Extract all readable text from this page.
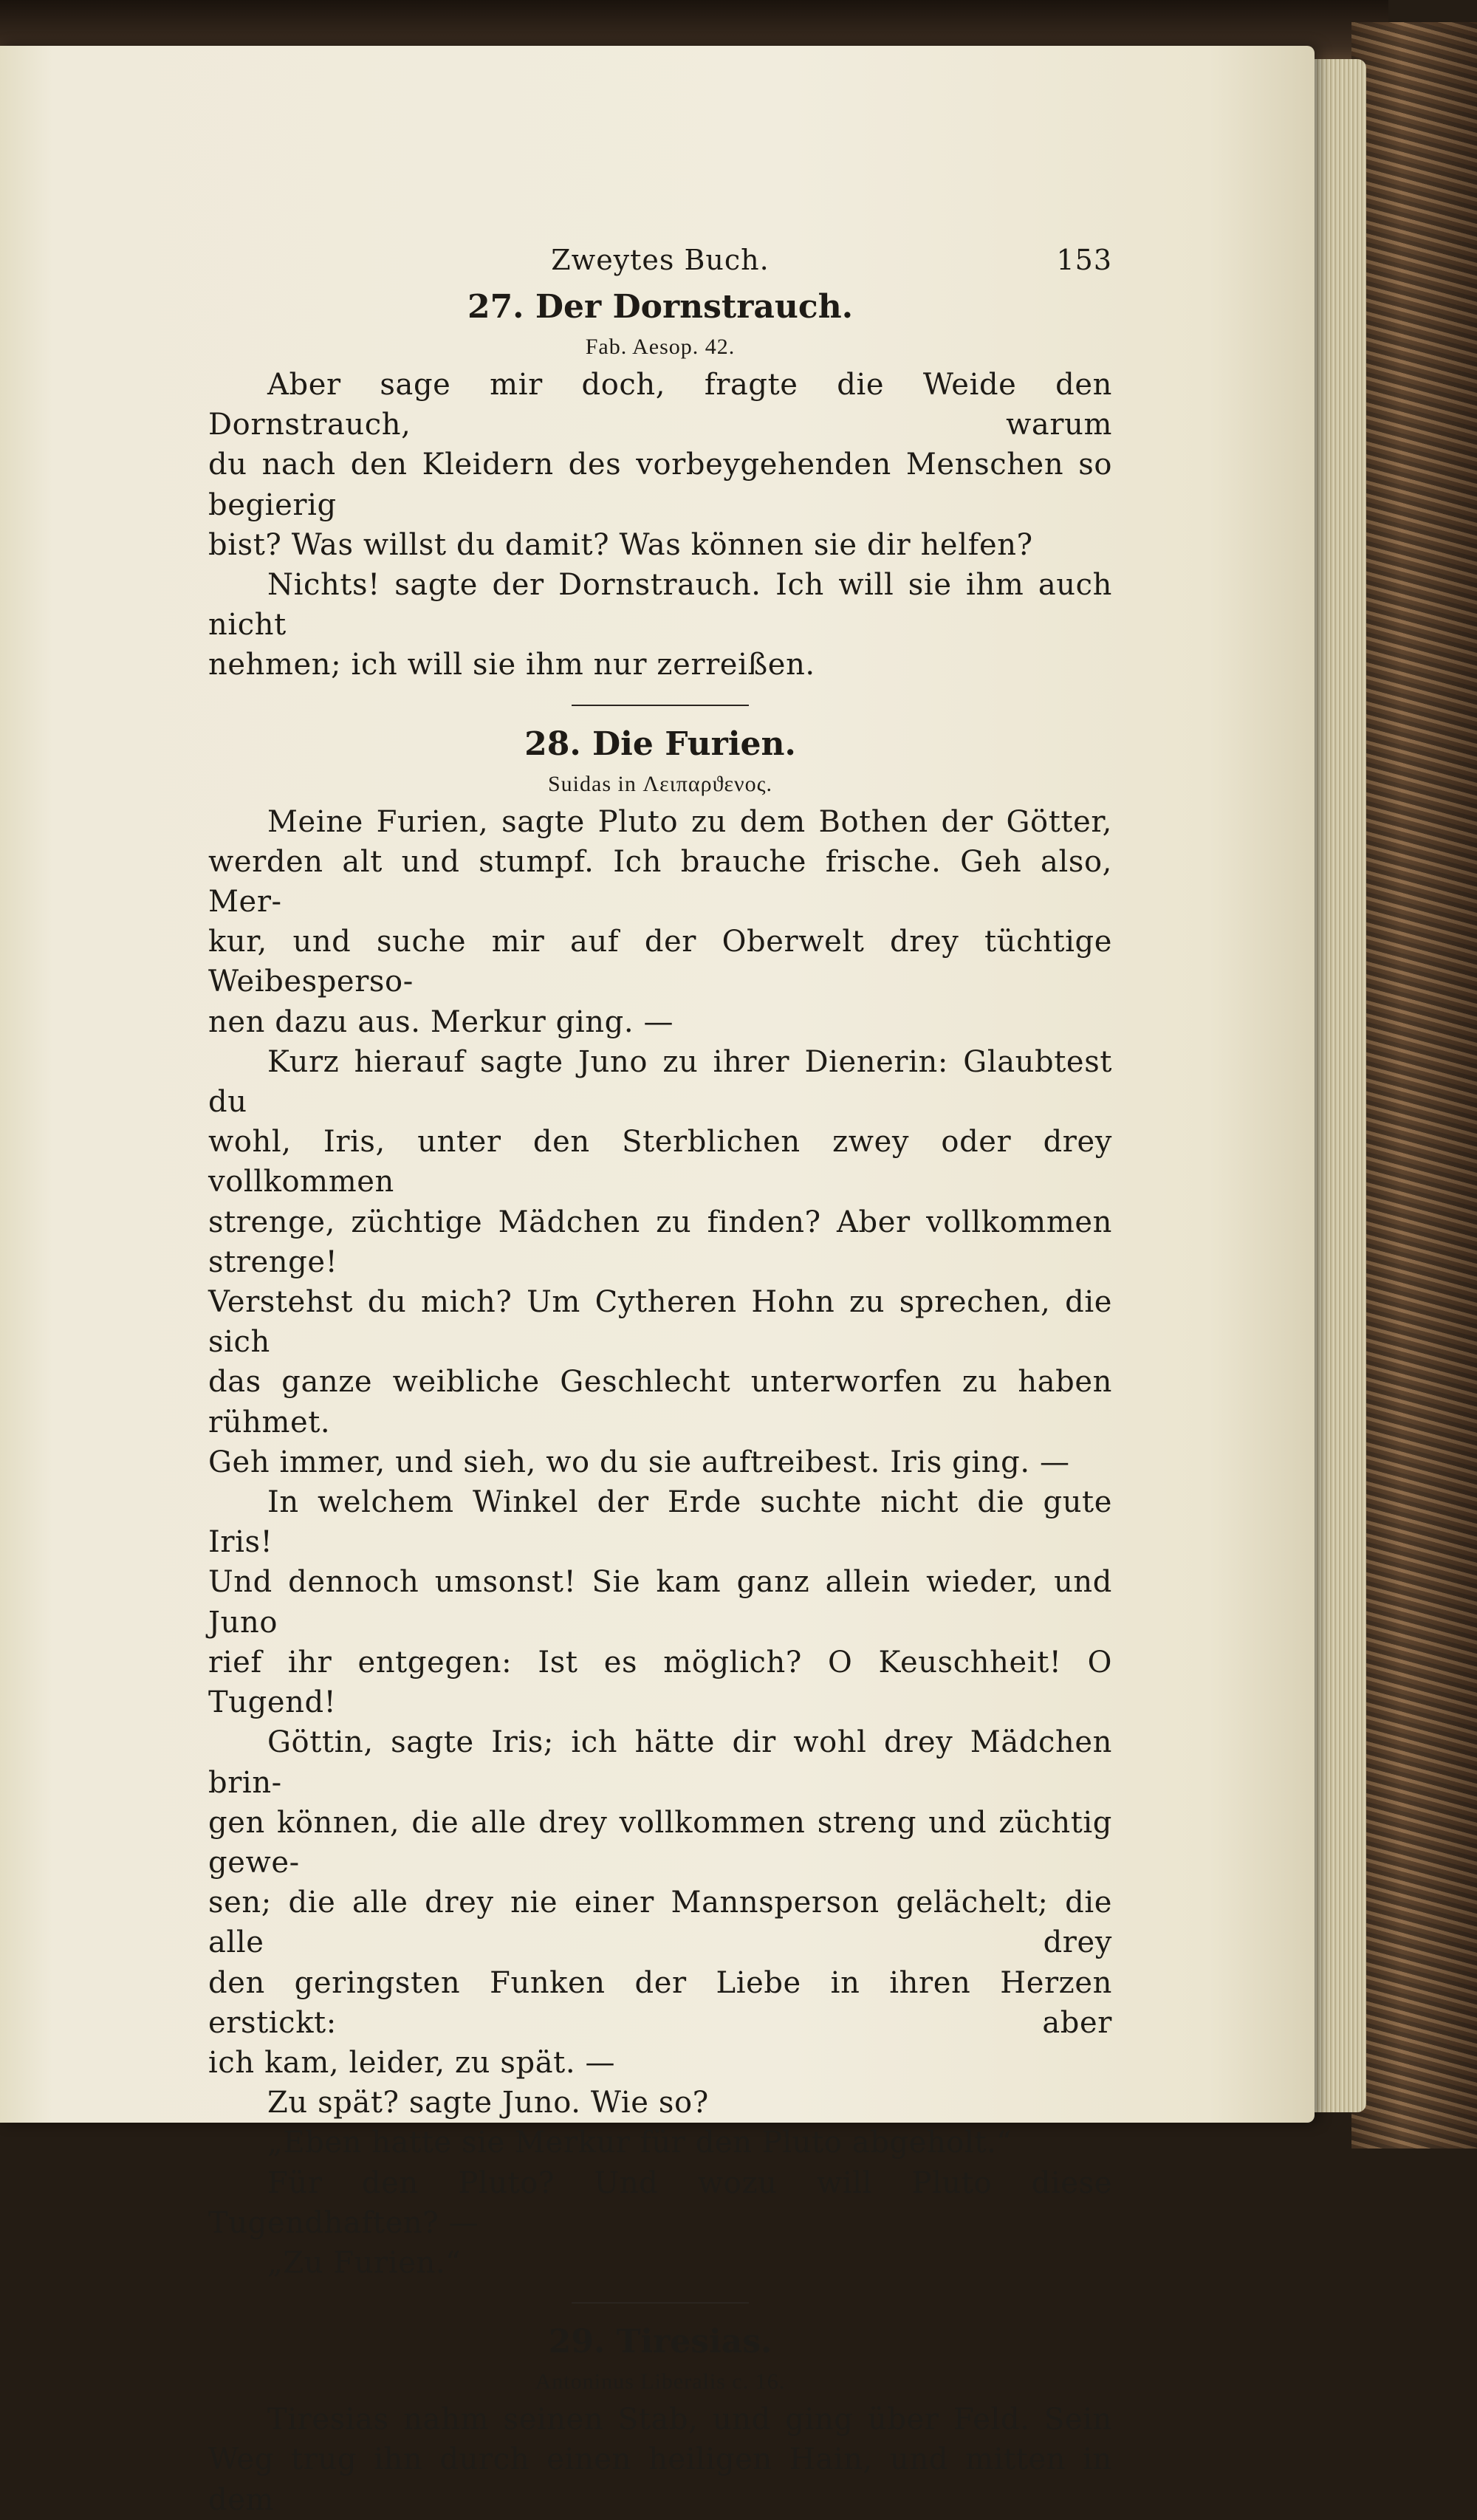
Zweytes Buch.	153
27. Der Dornstrauch.

Fab. Aesop. 42.

Aber sage mir doch, fragte die Weide den Dornstrauch, warum
du nach den Kleidern des vorbeygehenden Menschen so begierig
bist? Was willst du damit? Was können sie dir helfen?

Nichts! sagte der Dornstrauch. Ich will sie ihm auch nicht
nehmen; ich will sie ihm nur zerreißen.

28. Die Furien.

Suidas in Λειπαρϑενος.

Meine Furien, sagte Pluto zu dem Bothen der Götter,
werden alt und stumpf. Ich brauche frische. Geh also, Mer-
kur, und suche mir auf der Oberwelt drey tüchtige Weibesperso-
nen dazu aus. Merkur ging. —

Kurz hierauf sagte Juno zu ihrer Dienerin: Glaubtest du
wohl, Iris, unter den Sterblichen zwey oder drey vollkommen
strenge, züchtige Mädchen zu finden? Aber vollkommen strenge!
Verstehst du mich? Um Cytheren Hohn zu sprechen, die sich
das ganze weibliche Geschlecht unterworfen zu haben rühmet.
Geh immer, und sieh, wo du sie auftreibest. Iris ging. —

In welchem Winkel der Erde suchte nicht die gute Iris!
Und dennoch umsonst! Sie kam ganz allein wieder, und Juno
rief ihr entgegen: Ist es möglich? O Keuschheit! O Tugend!

Göttin, sagte Iris; ich hätte dir wohl drey Mädchen brin-
gen können, die alle drey vollkommen streng und züchtig gewe-
sen; die alle drey nie einer Mannsperson gelächelt; die alle drey
den geringsten Funken der Liebe in ihren Herzen erstickt: aber
ich kam, leider, zu spät. —

Zu spät? sagte Juno. Wie so?

„Eben hatte sie Merkur für den Pluto abgeholt.“

Für den Pluto? Und wozu will Pluto diese Tugendhaften? —

„Zu Furien.“

29. Tiresias.

Antoninus Liberalis c. 16.

Tiresias nahm seinen Stab, und ging über Feld. Sein
Weg trug ihn durch einen heiligen Hain, und mitten in dem
